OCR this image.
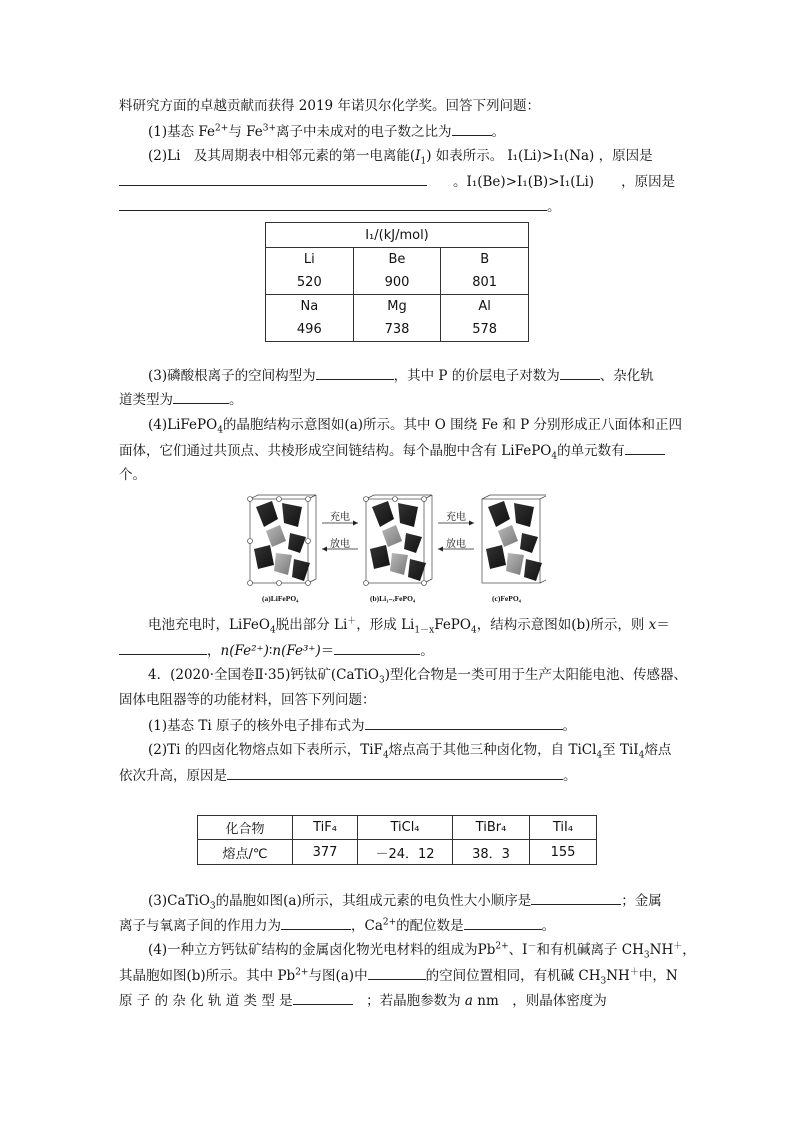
料研究方面的卓越贡献而获得 2019 年诺贝尔化学奖。回答下列问题：
(1)基态 $Fe^{2+}$与 $Fe^{3+}$离子中未成对的电子数之比为	。
(2)Li　及其周期表中相邻元素的第一电离能$(I_1)$ 如表所示。 I₁(Li)>I₁(Na) ，原因是
。I₁(Be)>I₁(B)>I₁(Li)　　，原因是
。
I₁/(kJ/mol)		
Li	Be	B
520	900	801
Na	Mg	Al
496	738	578
(3)磷酸根离子的空间构型为	，其中 P 的价层电子对数为	、杂化轨
道类型为	。
(4)LiFePO$_4$的晶胞结构示意图如(a)所示。其中 O 围绕 Fe 和 P 分别形成正八面体和正四
面体，它们通过共顶点、共棱形成空间链结构。每个晶胞中含有 LiFePO$_4$的单元数有
个。
充电
放电
充电
放电
(a)LiFePO₄	(b)Li₁₋ₓFePO₄	(c)FePO₄
电池充电时，LiFeO$_4$脱出部分 Li＋，形成 $Li_{1-x}FePO_4$，结构示意图如(b)所示，则 x＝
，n(Fe²⁺)∶n(Fe³⁺)＝	。
4．(2020·全国卷Ⅱ·35)钙钛矿(CaTiO$_3$)型化合物是一类可用于生产太阳能电池、传感器、
固体电阻器等的功能材料，回答下列问题：
(1)基态 Ti 原子的核外电子排布式为	。
(2)Ti 的四卤化物熔点如下表所示，TiF$_4$熔点高于其他三种卤化物，自 TiCl$_4$至 TiI$_4$熔点
依次升高，原因是	。
化合物	TiF₄	TiCl₄	TiBr₄	TiI₄
熔点/℃	377	－24．12	38．3	155
(3)CaTiO$_3$的晶胞如图(a)所示，其组成元素的电负性大小顺序是	；金属
离子与氧离子间的作用力为	，$Ca^{2+}$的配位数是	。
(4)一种立方钙钛矿结构的金属卤化物光电材料的组成为$Pb^{2+}$、I－和有机碱离子 $CH_3NH^+$，
其晶胞如图(b)所示。其中 $Pb^{2+}$与图(a)中	的空间位置相同，有机碱 $CH_3NH^+$中，N
原 子 的 杂 化 轨 道 类 型 是	　；若晶胞参数为 a nm　，则晶体密度为
